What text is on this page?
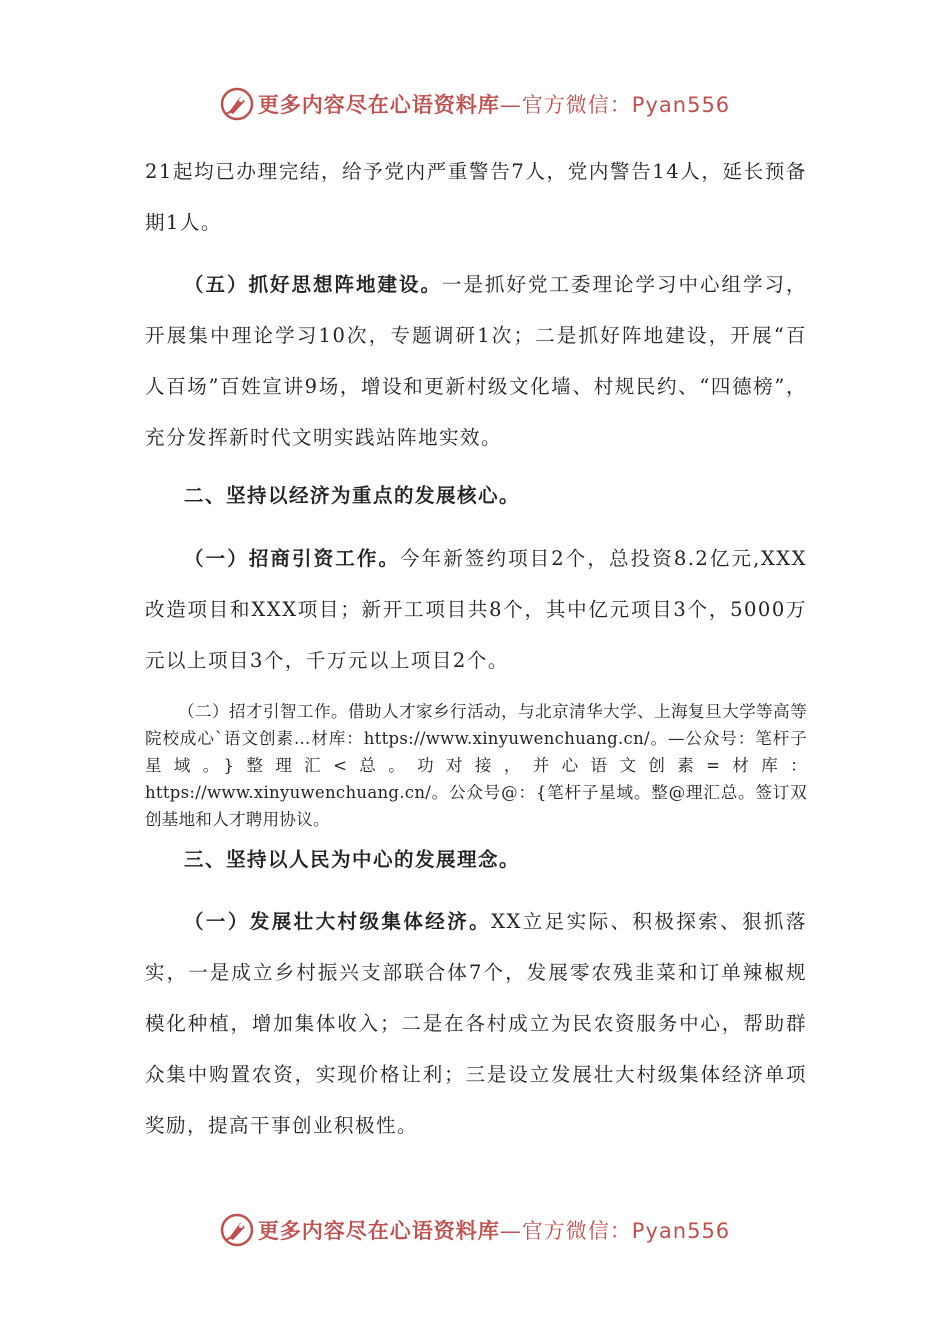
更多内容尽在心语资料库—官方微信：Pyan556

21起均已办理完结，给予党内严重警告7人，党内警告14人，延长预备期1人。

（五）抓好思想阵地建设。一是抓好党工委理论学习中心组学习，开展集中理论学习10次，专题调研1次；二是抓好阵地建设，开展“百人百场”百姓宣讲9场，增设和更新村级文化墙、村规民约、“四德榜”，充分发挥新时代文明实践站阵地实效。

二、坚持以经济为重点的发展核心。

（一）招商引资工作。今年新签约项目2个，总投资8.2亿元,XXX改造项目和XXX项目；新开工项目共8个，其中亿元项目3个，5000万元以上项目3个，千万元以上项目2个。

（二）招才引智工作。借助人才家乡行活动，与北京清华大学、上海复旦大学等高等院校成心`语文创素…材库：https://www.xinyuwenchuang.cn/。—公众号：笔杆子星域。}整理汇<总。功对接，并心语文创素=材库：https://www.xinyuwenchuang.cn/。公众号@：{笔杆子星域。整@理汇总。签订双创基地和人才聘用协议。

三、坚持以人民为中心的发展理念。

（一）发展壮大村级集体经济。XX立足实际、积极探索、狠抓落实，一是成立乡村振兴支部联合体7个，发展零农残韭菜和订单辣椒规模化种植，增加集体收入；二是在各村成立为民农资服务中心，帮助群众集中购置农资，实现价格让利；三是设立发展壮大村级集体经济单项奖励，提高干事创业积极性。

更多内容尽在心语资料库—官方微信：Pyan556
